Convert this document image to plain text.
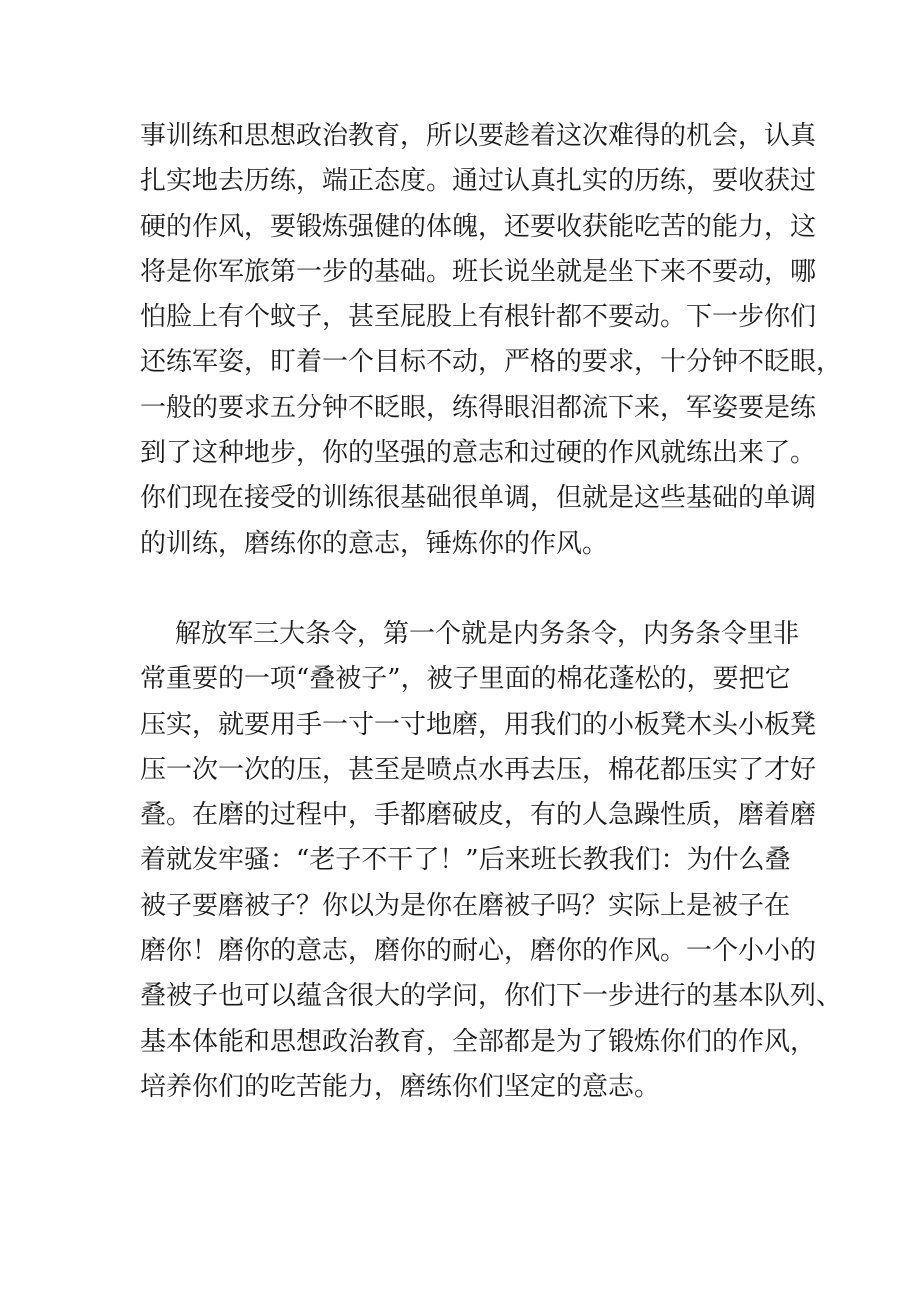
事训练和思想政治教育，所以要趁着这次难得的机会，认真
扎实地去历练，端正态度。通过认真扎实的历练，要收获过
硬的作风，要锻炼强健的体魄，还要收获能吃苦的能力，这
将是你军旅第一步的基础。班长说坐就是坐下来不要动，哪
怕脸上有个蚊子，甚至屁股上有根针都不要动。下一步你们
还练军姿，盯着一个目标不动，严格的要求，十分钟不眨眼，
一般的要求五分钟不眨眼，练得眼泪都流下来，军姿要是练
到了这种地步，你的坚强的意志和过硬的作风就练出来了。
你们现在接受的训练很基础很单调，但就是这些基础的单调
的训练，磨练你的意志，锤炼你的作风。
解放军三大条令，第一个就是内务条令，内务条令里非
常重要的一项“叠被子”，被子里面的棉花蓬松的，要把它
压实，就要用手一寸一寸地磨，用我们的小板凳木头小板凳
压一次一次的压，甚至是喷点水再去压，棉花都压实了才好
叠。在磨的过程中，手都磨破皮，有的人急躁性质，磨着磨
着就发牢骚：“老子不干了！”后来班长教我们：为什么叠
被子要磨被子？你以为是你在磨被子吗？实际上是被子在
磨你！磨你的意志，磨你的耐心，磨你的作风。一个小小的
叠被子也可以蕴含很大的学问，你们下一步进行的基本队列、
基本体能和思想政治教育，全部都是为了锻炼你们的作风，
培养你们的吃苦能力，磨练你们坚定的意志。
